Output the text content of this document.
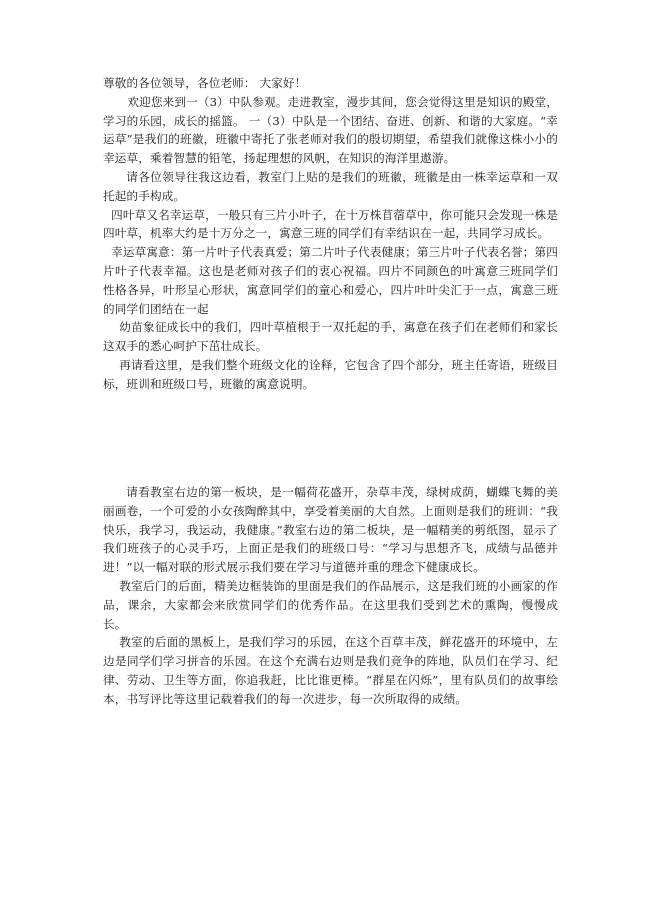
尊敬的各位领导，各位老师： 大家好！

欢迎您来到一（3）中队参观。走进教室，漫步其间，您会觉得这里是知识的殿堂，学习的乐园，成长的摇篮。 一（3）中队是一个团结、奋进、创新、和谐的大家庭。“幸运草”是我们的班徽，班徽中寄托了张老师对我们的殷切期望，希望我们就像这株小小的幸运草，乘着智慧的铅笔，扬起理想的风帆，在知识的海洋里遨游。

请各位领导往我这边看，教室门上贴的是我们的班徽，班徽是由一株幸运草和一双托起的手构成。

四叶草又名幸运草，一般只有三片小叶子，在十万株苜蓿草中，你可能只会发现一株是四叶草，机率大约是十万分之一，寓意三班的同学们有幸结识在一起，共同学习成长。

幸运草寓意：第一片叶子代表真爱；第二片叶子代表健康；第三片叶子代表名誉；第四片叶子代表幸福。这也是老师对孩子们的衷心祝福。四片不同颜色的叶寓意三班同学们性格各异，叶形呈心形状，寓意同学们的童心和爱心，四片叶叶尖汇于一点，寓意三班的同学们团结在一起

幼苗象征成长中的我们，四叶草植根于一双托起的手，寓意在孩子们在老师们和家长这双手的悉心呵护下茁壮成长。

再请看这里，是我们整个班级文化的诠释，它包含了四个部分，班主任寄语，班级目标，班训和班级口号，班徽的寓意说明。

请看教室右边的第一板块，是一幅荷花盛开，杂草丰茂，绿树成荫，蝴蝶飞舞的美丽画卷，一个可爱的小女孩陶醉其中，享受着美丽的大自然。上面则是我们的班训：“我快乐，我学习，我运动，我健康。”教室右边的第二板块，是一幅精美的剪纸图，显示了我们班孩子的心灵手巧，上面正是我们的班级口号：“学习与思想齐飞，成绩与品德并进！”以一幅对联的形式展示我们要在学习与道德并重的理念下健康成长。

教室后门的后面，精美边框装饰的里面是我们的作品展示，这是我们班的小画家的作品，课余，大家都会来欣赏同学们的优秀作品。在这里我们受到艺术的熏陶，慢慢成长。

教室的后面的黑板上，是我们学习的乐园，在这个百草丰茂，鲜花盛开的环境中，左边是同学们学习拼音的乐园。在这个充满右边则是我们竞争的阵地，队员们在学习、纪律、劳动、卫生等方面，你追我赶，比比谁更棒。“群星在闪烁”，里有队员们的故事绘本，书写评比等这里记载着我们的每一次进步，每一次所取得的成绩。
